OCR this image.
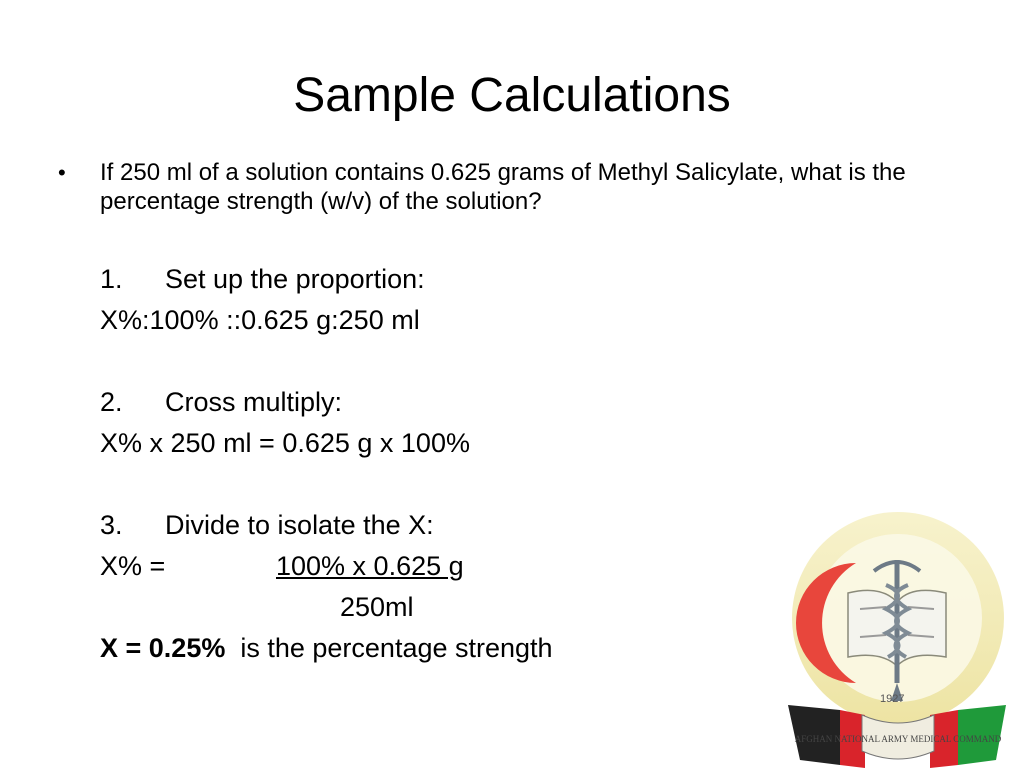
Sample Calculations
• If 250 ml of a solution contains 0.625 grams of Methyl Salicylate, what is the percentage strength (w/v) of the solution?
1. Set up the proportion:
X%:100% ::0.625 g:250 ml
2. Cross multiply:
X% x 250 ml = 0.625 g x 100%
3. Divide to isolate the X:
X% =	100% x 0.625 g
250ml
X = 0.25% is the percentage strength
1927
AFGHAN NATIONAL ARMY MEDICAL COMMAND
